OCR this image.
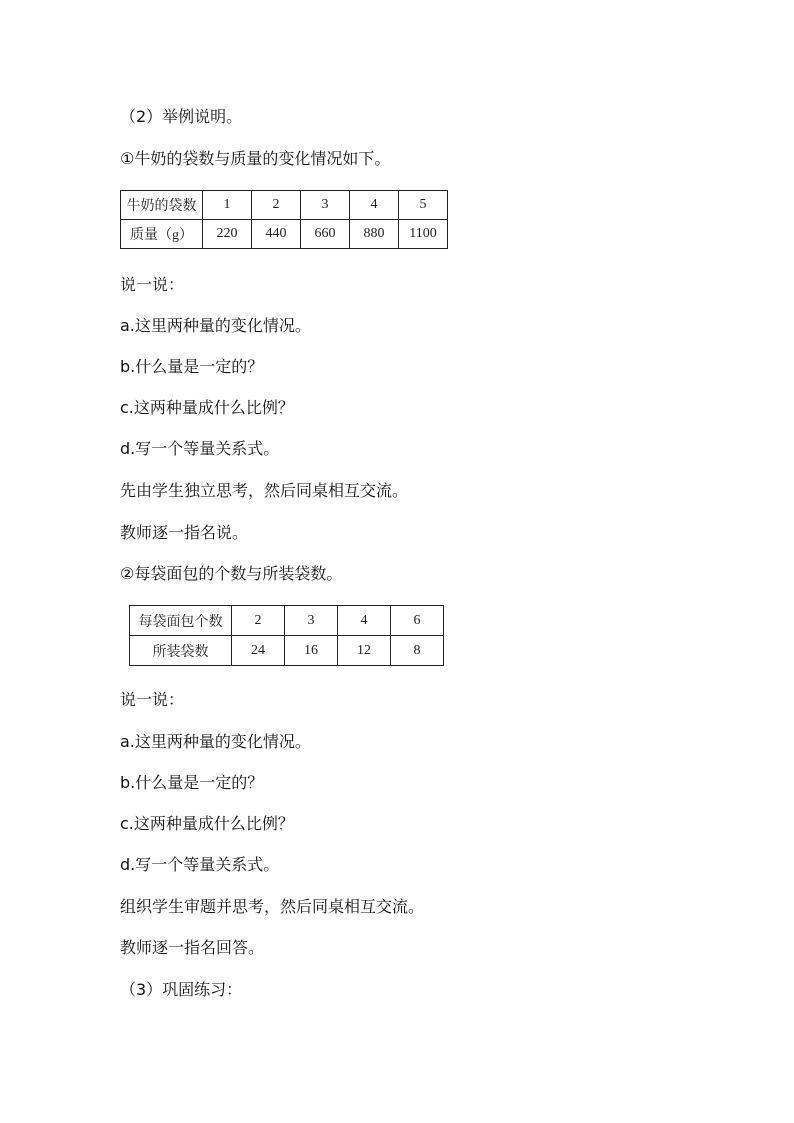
（2）举例说明。
①牛奶的袋数与质量的变化情况如下。
牛奶的袋数	1	2	3	4	5
质量（g）	220	440	660	880	1100
说一说：
a.这里两种量的变化情况。
b.什么量是一定的？
c.这两种量成什么比例？
d.写一个等量关系式。
先由学生独立思考，然后同桌相互交流。
教师逐一指名说。
②每袋面包的个数与所装袋数。
每袋面包个数	2	3	4	6
所装袋数	24	16	12	8
说一说：
a.这里两种量的变化情况。
b.什么量是一定的？
c.这两种量成什么比例？
d.写一个等量关系式。
组织学生审题并思考，然后同桌相互交流。
教师逐一指名回答。
（3）巩固练习：
